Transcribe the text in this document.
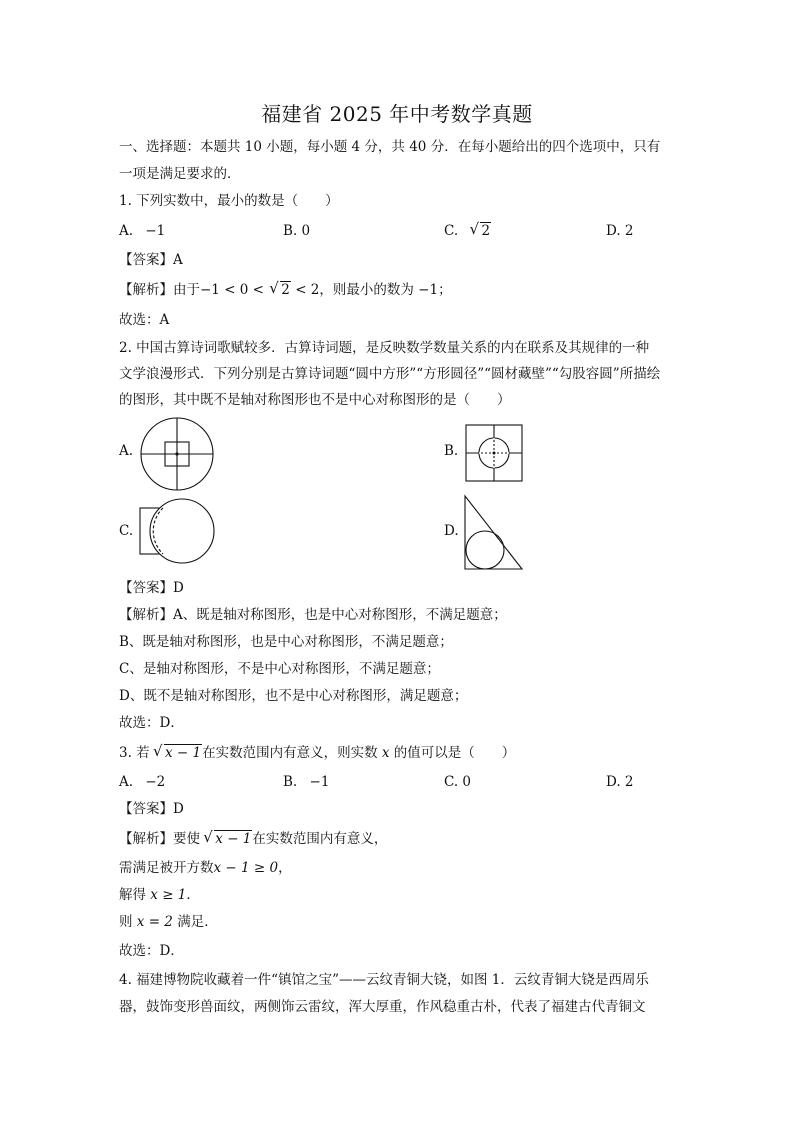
福建省 2025 年中考数学真题
一、选择题：本题共 10 小题，每小题 4 分，共 40 分．在每小题给出的四个选项中，只有
一项是满足要求的．
1. 下列实数中，最小的数是（　　）
A. −1	B. 0	C. √ 2	D. 2
【答案】A
【解析】由于−1 < 0 < √ 2 < 2，则最小的数为 −1；
故选：A
2. 中国古算诗词歌赋较多．古算诗词题，是反映数学数量关系的内在联系及其规律的一种
文学浪漫形式．下列分别是古算诗词题“圆中方形”“方形圆径”“圆材藏壁”“勾股容圆”所描绘
的图形，其中既不是轴对称图形也不是中心对称图形的是（　　）
A.	B.
C.	D.
【答案】D
【解析】A、既是轴对称图形，也是中心对称图形，不满足题意；
B、既是轴对称图形，也是中心对称图形，不满足题意；
C、是轴对称图形，不是中心对称图形，不满足题意；
D、既不是轴对称图形，也不是中心对称图形，满足题意；
故选：D．
3. 若 √ x − 1在实数范围内有意义，则实数 x 的值可以是（　　）
A. −2	B. −1	C. 0	D. 2
【答案】D
【解析】要使 √ x − 1在实数范围内有意义，
需满足被开方数x − 1 ≥ 0，
解得 x ≥ 1．
则 x = 2 满足．
故选：D．
4. 福建博物院收藏着一件“镇馆之宝”——云纹青铜大铙，如图 1．云纹青铜大铙是西周乐
器，鼓饰变形兽面纹，两侧饰云雷纹，浑大厚重，作风稳重古朴，代表了福建古代青铜文
